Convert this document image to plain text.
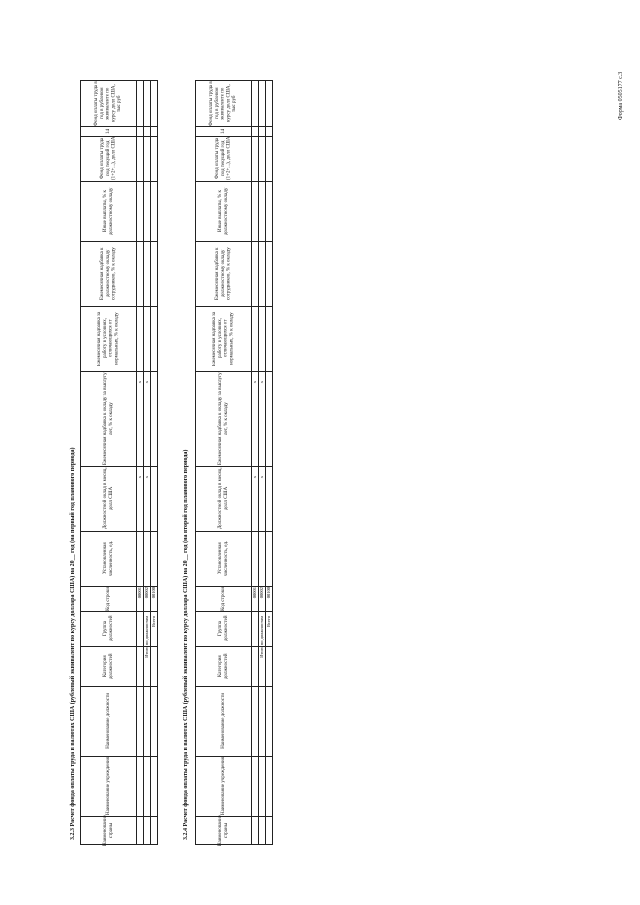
Форма 0505177 с.3
3.2.3 Расчет фонда оплаты труда в валютах США (рублевый эквивалент по курсу доллара США) на 20__ год (на первый год планового периода)
Фонд оплаты труда в год в рублевом эквиваленте по курсу долл США, тыс руб
14
Фонд оплаты труда под текущий год (1+2+...), долл США
Иные выплаты, % к должностному окладу
Ежемесячная надбавка к должностному окладу сотрудников, % к окладу
Ежемесячная надбавка за работу в условиях, отличающихся от нормальных, % к окладу
Ежемесячная надбавка к окладу за выслугу лет, % к окладу
Должностной оклад в месяц, долл США
Установленная численность, ед.
Код строки
Группа должностей
Категория должностей
Наименование должности
Наименование учреждения
Наименование страны
00001 00002 00100
х х
х х
Итого по должностям Всего	3.2.4 Расчет фонда оплаты труда в валютах США (рублевый эквивалент по курсу доллара США) на 20__ год (на второй год планового периода)
Фонд оплаты труда в год в рублевом эквиваленте по курсу долл США, тыс руб
14
Фонд оплаты труда под текущий год (1+2+...), долл США
Иные выплаты, % к должностному окладу
Ежемесячная надбавка к должностному окладу сотрудников, % к окладу
Ежемесячная надбавка за работу в условиях, отличающихся от нормальных, % к окладу
Ежемесячная надбавка к окладу за выслугу лет, % к окладу
Должностной оклад в месяц, долл США
Установленная численность, ед.
Код строки
Группа должностей
Категория должностей
Наименование должности
Наименование учреждения
Наименование страны
00001 00002 00100
х х
х х
Итого по должностям Всего
